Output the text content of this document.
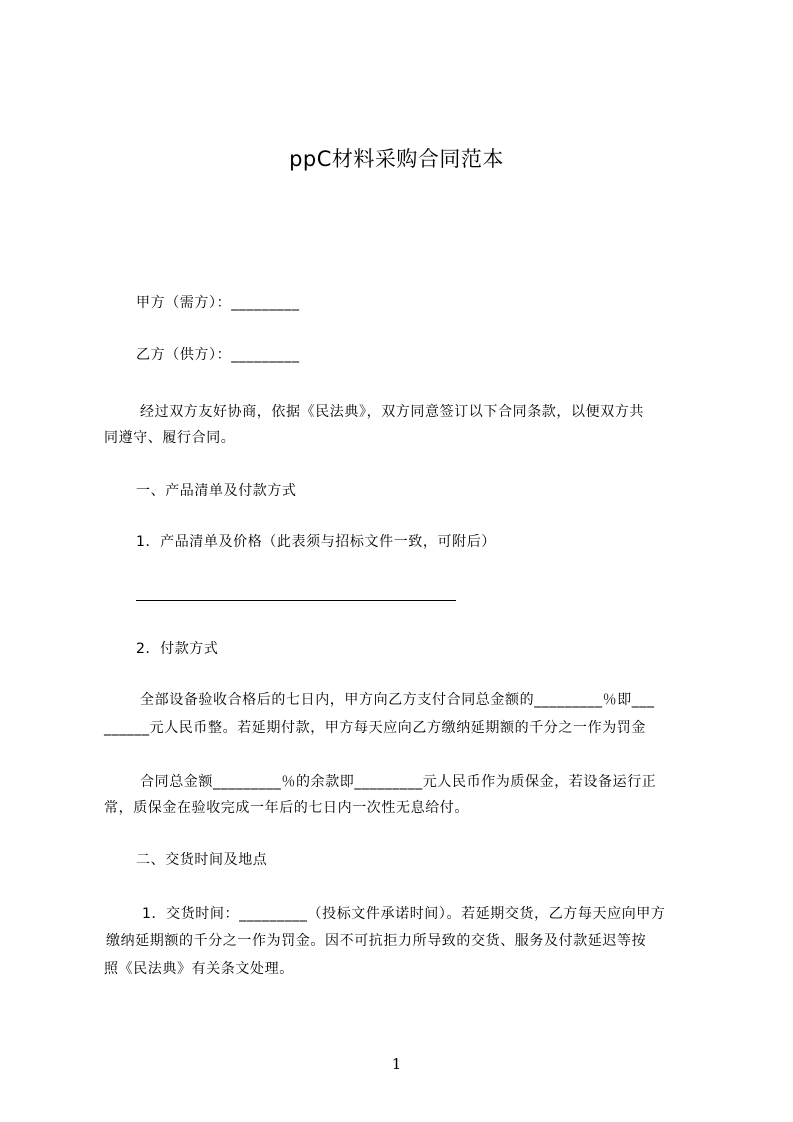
ppC材料采购合同范本
甲方（需方）：_________
乙方（供方）：_________
经过双方友好协商，依据《民法典》，双方同意签订以下合同条款，以便双方共
同遵守、履行合同。
一、产品清单及付款方式
1．产品清单及价格（此表须与招标文件一致，可附后）
2．付款方式
全部设备验收合格后的七日内，甲方向乙方支付合同总金额的_________％即___
______元人民币整。若延期付款，甲方每天应向乙方缴纳延期额的千分之一作为罚金
合同总金额_________％的余款即_________元人民币作为质保金，若设备运行正
常，质保金在验收完成一年后的七日内一次性无息给付。
二、交货时间及地点
1．交货时间：_________（投标文件承诺时间）。若延期交货，乙方每天应向甲方
缴纳延期额的千分之一作为罚金。因不可抗拒力所导致的交货、服务及付款延迟等按
照《民法典》有关条文处理。
1
